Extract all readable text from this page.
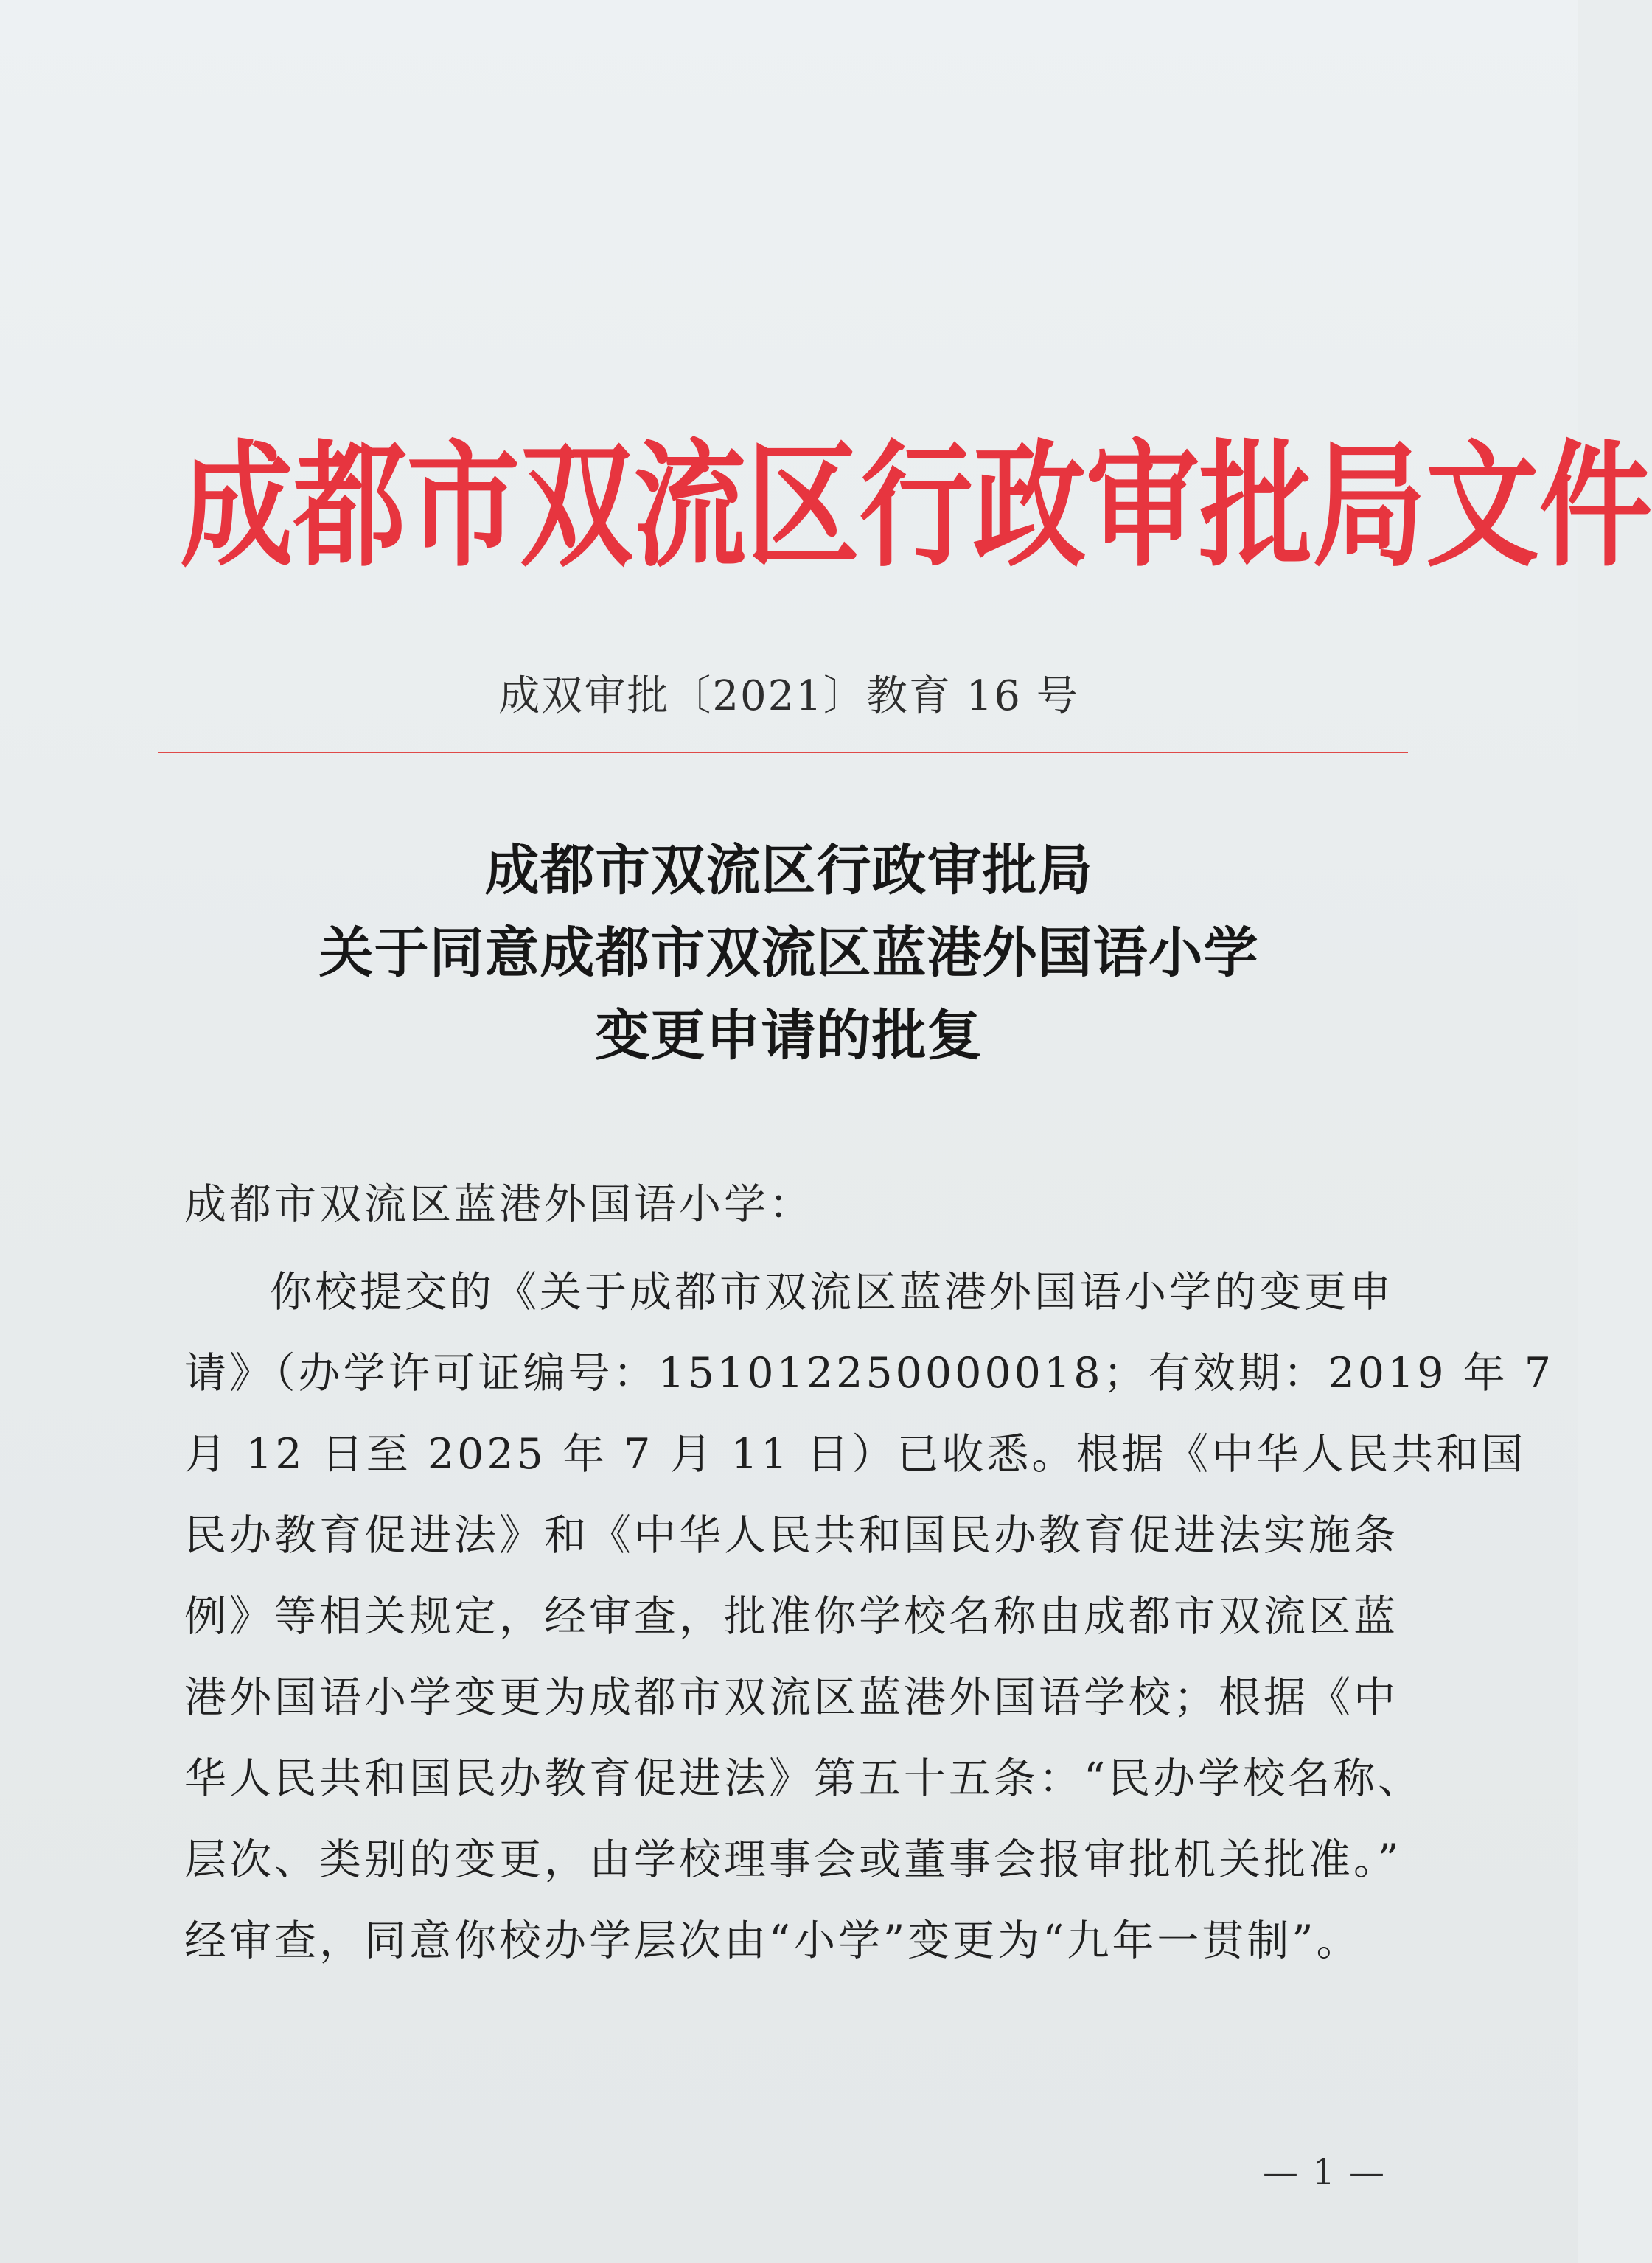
成都市双流区行政审批局文件
成双审批〔2021〕教育 16 号
成都市双流区行政审批局
关于同意成都市双流区蓝港外国语小学
变更申请的批复

成都市双流区蓝港外国语小学：

你校提交的《关于成都市双流区蓝港外国语小学的变更申
请》（办学许可证编号：151012250000018；有效期：2019 年 7
月 12 日至 2025 年 7 月 11 日）已收悉。根据《中华人民共和国
民办教育促进法》和《中华人民共和国民办教育促进法实施条
例》等相关规定，经审查，批准你学校名称由成都市双流区蓝
港外国语小学变更为成都市双流区蓝港外国语学校；根据《中
华人民共和国民办教育促进法》第五十五条：“民办学校名称、
层次、类别的变更，由学校理事会或董事会报审批机关批准。”
经审查，同意你校办学层次由“小学”变更为“九年一贯制”。
— 1 —
